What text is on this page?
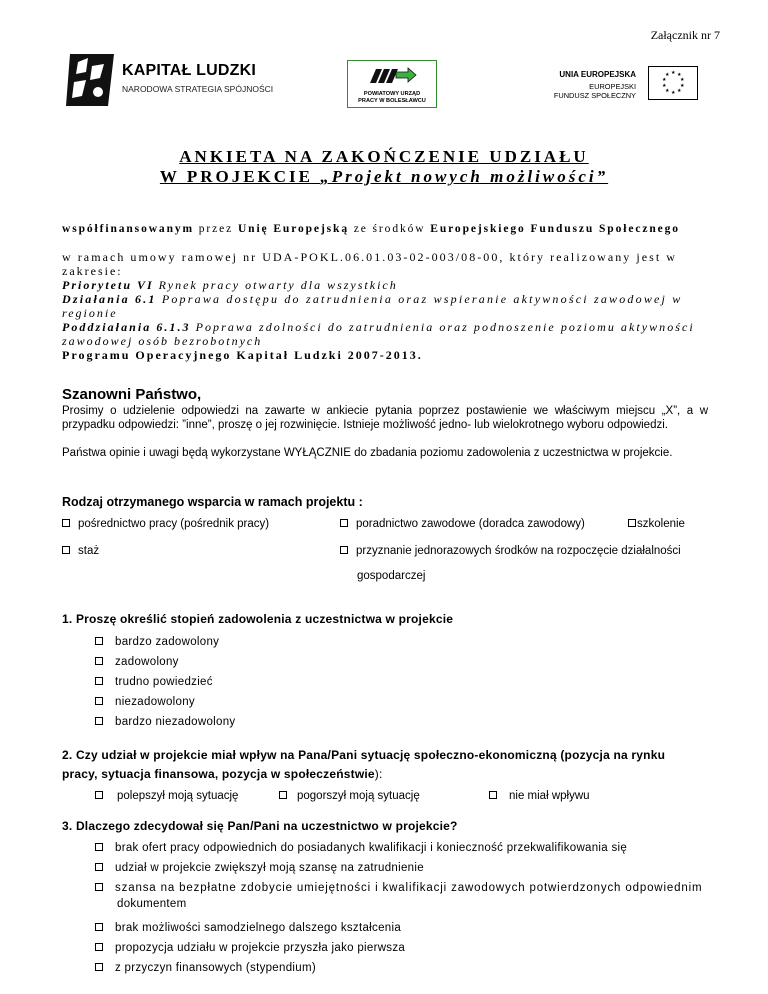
Załącznik nr 7
KAPITAŁ LUDZKI
NARODOWA STRATEGIA SPÓJNOŚCI	POWIATOWY URZĄD
PRACY W BOLESŁAWCU
UNIA EUROPEJSKA
EUROPEJSKI
FUNDUSZ SPOŁECZNY
★ ★
★
★
★
★
★
★
★
★
ANKIETA NA ZAKOŃCZENIE UDZIAŁU
W PROJEKCIE „Projekt nowych możliwości”
współfinansowanym przez Unię Europejską ze środków Europejskiego Funduszu Społecznego
w ramach umowy ramowej nr UDA-POKL.06.01.03-02-003/08-00, który realizowany jest w
zakresie:
Priorytetu VI Rynek pracy otwarty dla wszystkich
Działania 6.1 Poprawa dostępu do zatrudnienia oraz wspieranie aktywności zawodowej w
regionie
Poddziałania 6.1.3 Poprawa zdolności do zatrudnienia oraz podnoszenie poziomu aktywności
zawodowej osób bezrobotnych
Programu Operacyjnego Kapitał Ludzki 2007-2013.
Szanowni Państwo,
Prosimy o udzielenie odpowiedzi na zawarte w ankiecie pytania poprzez postawienie we właściwym miejscu „X”, a w przypadku odpowiedzi: ”inne”, proszę o jej rozwinięcie. Istnieje możliwość jedno- lub wielokrotnego wyboru odpowiedzi.
Państwa opinie i uwagi będą wykorzystane WYŁĄCZNIE do zbadania poziomu zadowolenia z uczestnictwa w projekcie.
Rodzaj otrzymanego wsparcia w ramach projektu :
pośrednictwo pracy (pośrednik pracy)	poradnictwo zawodowe (doradca zawodowy)	szkolenie
staż	przyznanie jednorazowych środków na rozpoczęcie działalności
gospodarczej
1. Proszę określić stopień zadowolenia z uczestnictwa w projekcie
bardzo zadowolony
zadowolony
trudno powiedzieć
niezadowolony
bardzo niezadowolony
2. Czy udział w projekcie miał wpływ na Pana/Pani sytuację społeczno-ekonomiczną (pozycja na rynku
pracy, sytuacja finansowa, pozycja w społeczeństwie):
polepszył moją sytuację	pogorszył moją sytuację	nie miał wpływu
3. Dlaczego zdecydował się Pan/Pani na uczestnictwo w projekcie?
brak ofert pracy odpowiednich do posiadanych kwalifikacji i konieczność przekwalifikowania się
udział w projekcie zwiększył moją szansę na zatrudnienie
szansa na bezpłatne zdobycie umiejętności i kwalifikacji zawodowych potwierdzonych odpowiednim
dokumentem
brak możliwości samodzielnego dalszego kształcenia
propozycja udziału w projekcie przyszła jako pierwsza
z przyczyn finansowych (stypendium)
